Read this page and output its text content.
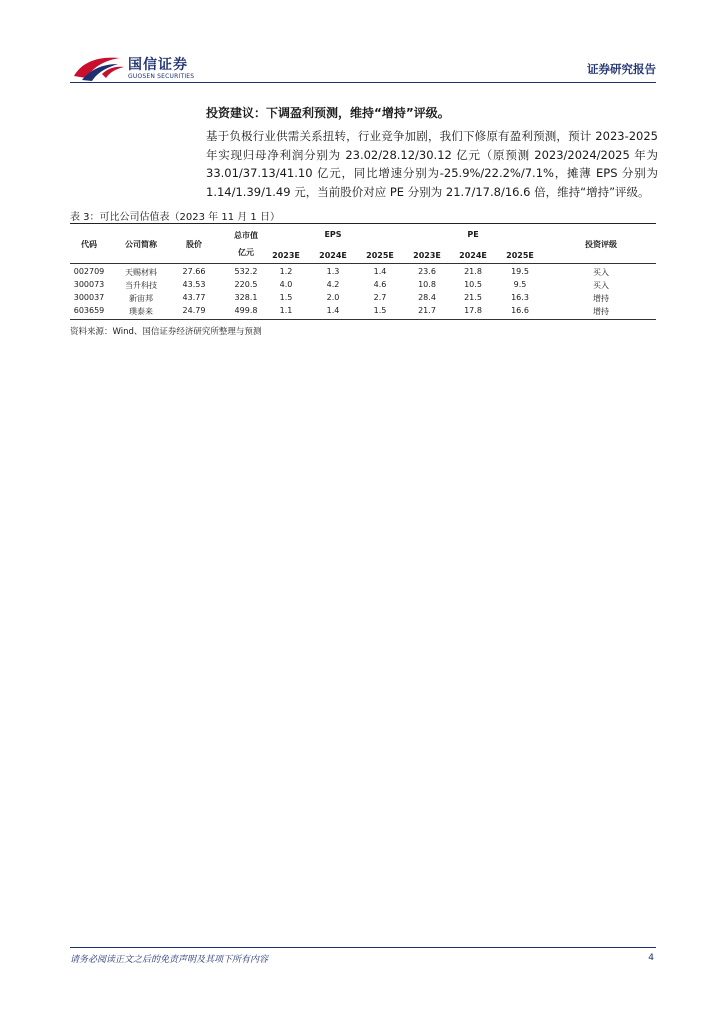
国信证券
GUOSEN SECURITIES
证券研究报告
投资建议：下调盈利预测，维持“增持”评级。

基于负极行业供需关系扭转，行业竞争加剧，我们下修原有盈利预测，预计 2023-2025 年实现归母净利润分别为 23.02/28.12/30.12 亿元（原预测 2023/2024/2025 年为 33.01/37.13/41.10 亿元，同比增速分别为-25.9%/22.2%/7.1%，摊薄 EPS 分别为 1.14/1.39/1.49 元，当前股价对应 PE 分别为 21.7/17.8/16.6 倍，维持“增持”评级。

表 3：可比公司估值表（2023 年 11 月 1 日）
代码	公司简称	股价
总市值
亿元
EPS	PE
投资评级
2023E 2024E 2025E 2023E 2024E 2025E
002709	天赐材料	27.66	532.2	1.2	1.3	1.4	23.6	21.8	19.5	买入
300073	当升科技	43.53	220.5	4.0	4.2	4.6	10.8	10.5	9.5	买入
300037	新宙邦	43.77	328.1	1.5	2.0	2.7	28.4	21.5	16.3	增持
603659	璞泰来	24.79	499.8	1.1	1.4	1.5	21.7	17.8	16.6	增持
资料来源：Wind、国信证券经济研究所整理与预测
请务必阅读正文之后的免责声明及其项下所有内容	4
